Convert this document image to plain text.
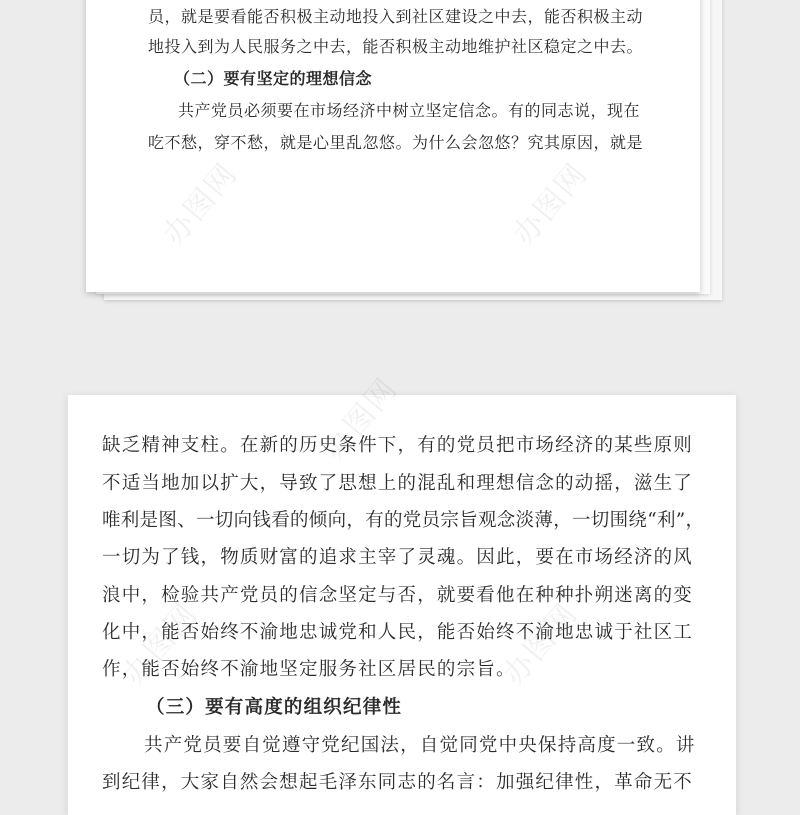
员，就是要看能否积极主动地投入到社区建设之中去，能否积极主动
地投入到为人民服务之中去，能否积极主动地维护社区稳定之中去。
（二）要有坚定的理想信念
共产党员必须要在市场经济中树立坚定信念。有的同志说，现在
吃不愁，穿不愁，就是心里乱忽悠。为什么会忽悠？究其原因，就是
缺乏精神支柱。在新的历史条件下，有的党员把市场经济的某些原则
不适当地加以扩大，导致了思想上的混乱和理想信念的动摇，滋生了
唯利是图、一切向钱看的倾向，有的党员宗旨观念淡薄，一切围绕“利”，
一切为了钱，物质财富的追求主宰了灵魂。因此，要在市场经济的风
浪中，检验共产党员的信念坚定与否，就要看他在种种扑朔迷离的变
化中，能否始终不渝地忠诚党和人民，能否始终不渝地忠诚于社区工
作，能否始终不渝地坚定服务社区居民的宗旨。
（三）要有高度的组织纪律性
共产党员要自觉遵守党纪国法，自觉同党中央保持高度一致。讲
到纪律，大家自然会想起毛泽东同志的名言：加强纪律性，革命无不
办图网	办图网
办图网
办图网	办图网
